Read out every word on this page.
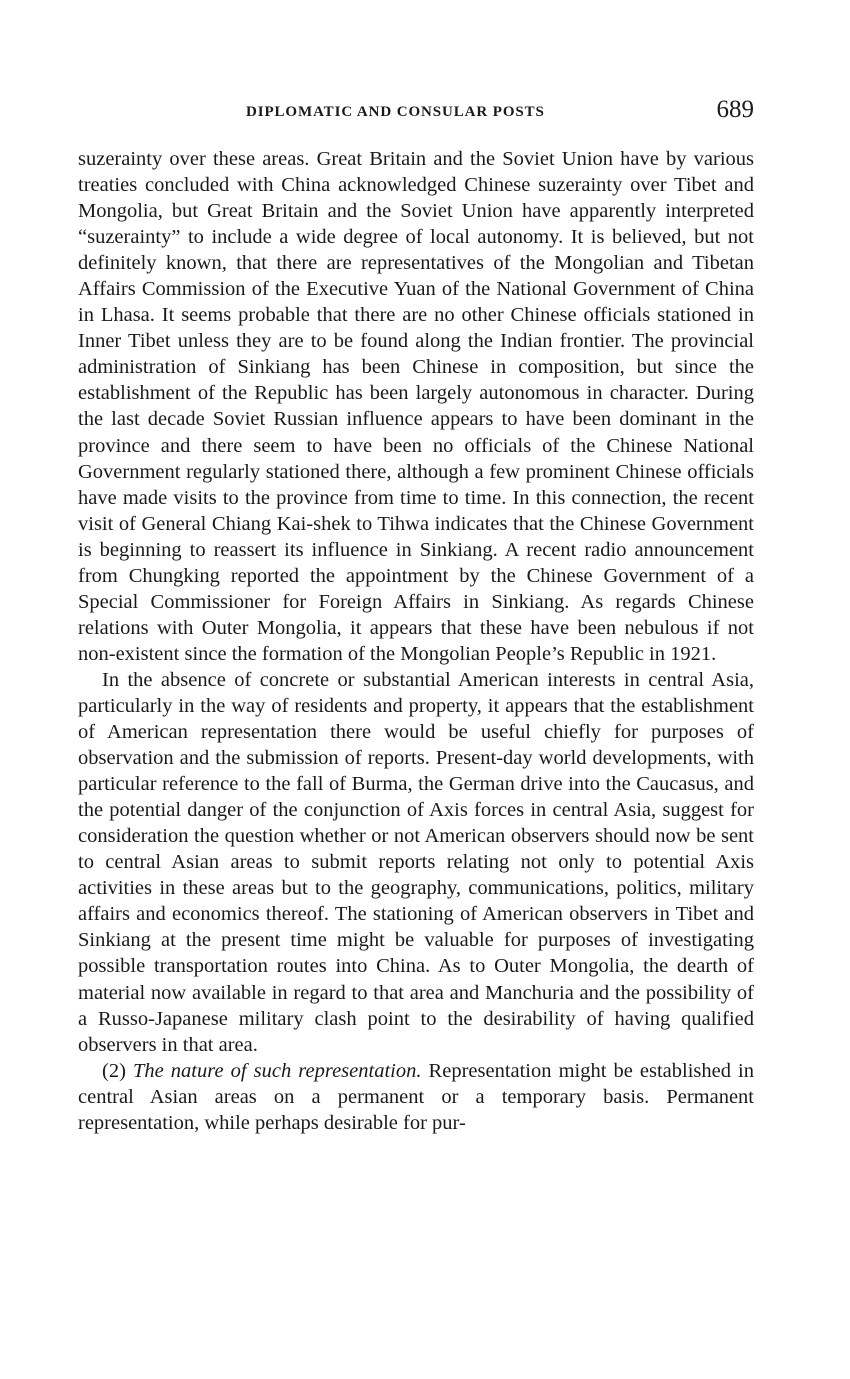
DIPLOMATIC AND CONSULAR POSTS	689

suzerainty over these areas. Great Britain and the Soviet Union have by various treaties concluded with China acknowledged Chinese suzerainty over Tibet and Mongolia, but Great Britain and the Soviet Union have apparently interpreted “suzerainty” to include a wide degree of local autonomy. It is believed, but not definitely known, that there are representatives of the Mongolian and Tibetan Affairs Commission of the Executive Yuan of the National Government of China in Lhasa. It seems probable that there are no other Chinese officials stationed in Inner Tibet unless they are to be found along the Indian frontier. The provincial administration of Sinkiang has been Chinese in composition, but since the establishment of the Republic has been largely autonomous in character. During the last decade Soviet Russian influence appears to have been dominant in the province and there seem to have been no officials of the Chinese National Government regularly stationed there, although a few prominent Chinese officials have made visits to the province from time to time. In this connection, the recent visit of General Chiang Kai-shek to Tihwa indicates that the Chinese Government is beginning to reassert its influence in Sinkiang. A recent radio announcement from Chungking reported the appointment by the Chinese Government of a Special Commissioner for Foreign Affairs in Sinkiang. As regards Chinese relations with Outer Mongolia, it appears that these have been nebulous if not non-existent since the formation of the Mongolian People’s Republic in 1921.

In the absence of concrete or substantial American interests in central Asia, particularly in the way of residents and property, it appears that the establishment of American representation there would be useful chiefly for purposes of observation and the submission of reports. Present-day world developments, with particular reference to the fall of Burma, the German drive into the Caucasus, and the potential danger of the conjunction of Axis forces in central Asia, suggest for consideration the question whether or not American observers should now be sent to central Asian areas to submit reports relating not only to potential Axis activities in these areas but to the geography, communications, politics, military affairs and economics thereof. The stationing of American observers in Tibet and Sinkiang at the present time might be valuable for purposes of investigating possible transportation routes into China. As to Outer Mongolia, the dearth of material now available in regard to that area and Manchuria and the possibility of a Russo-Japanese military clash point to the desirability of having qualified observers in that area.

(2) The nature of such representation. Representation might be established in central Asian areas on a permanent or a temporary basis. Permanent representation, while perhaps desirable for pur-
